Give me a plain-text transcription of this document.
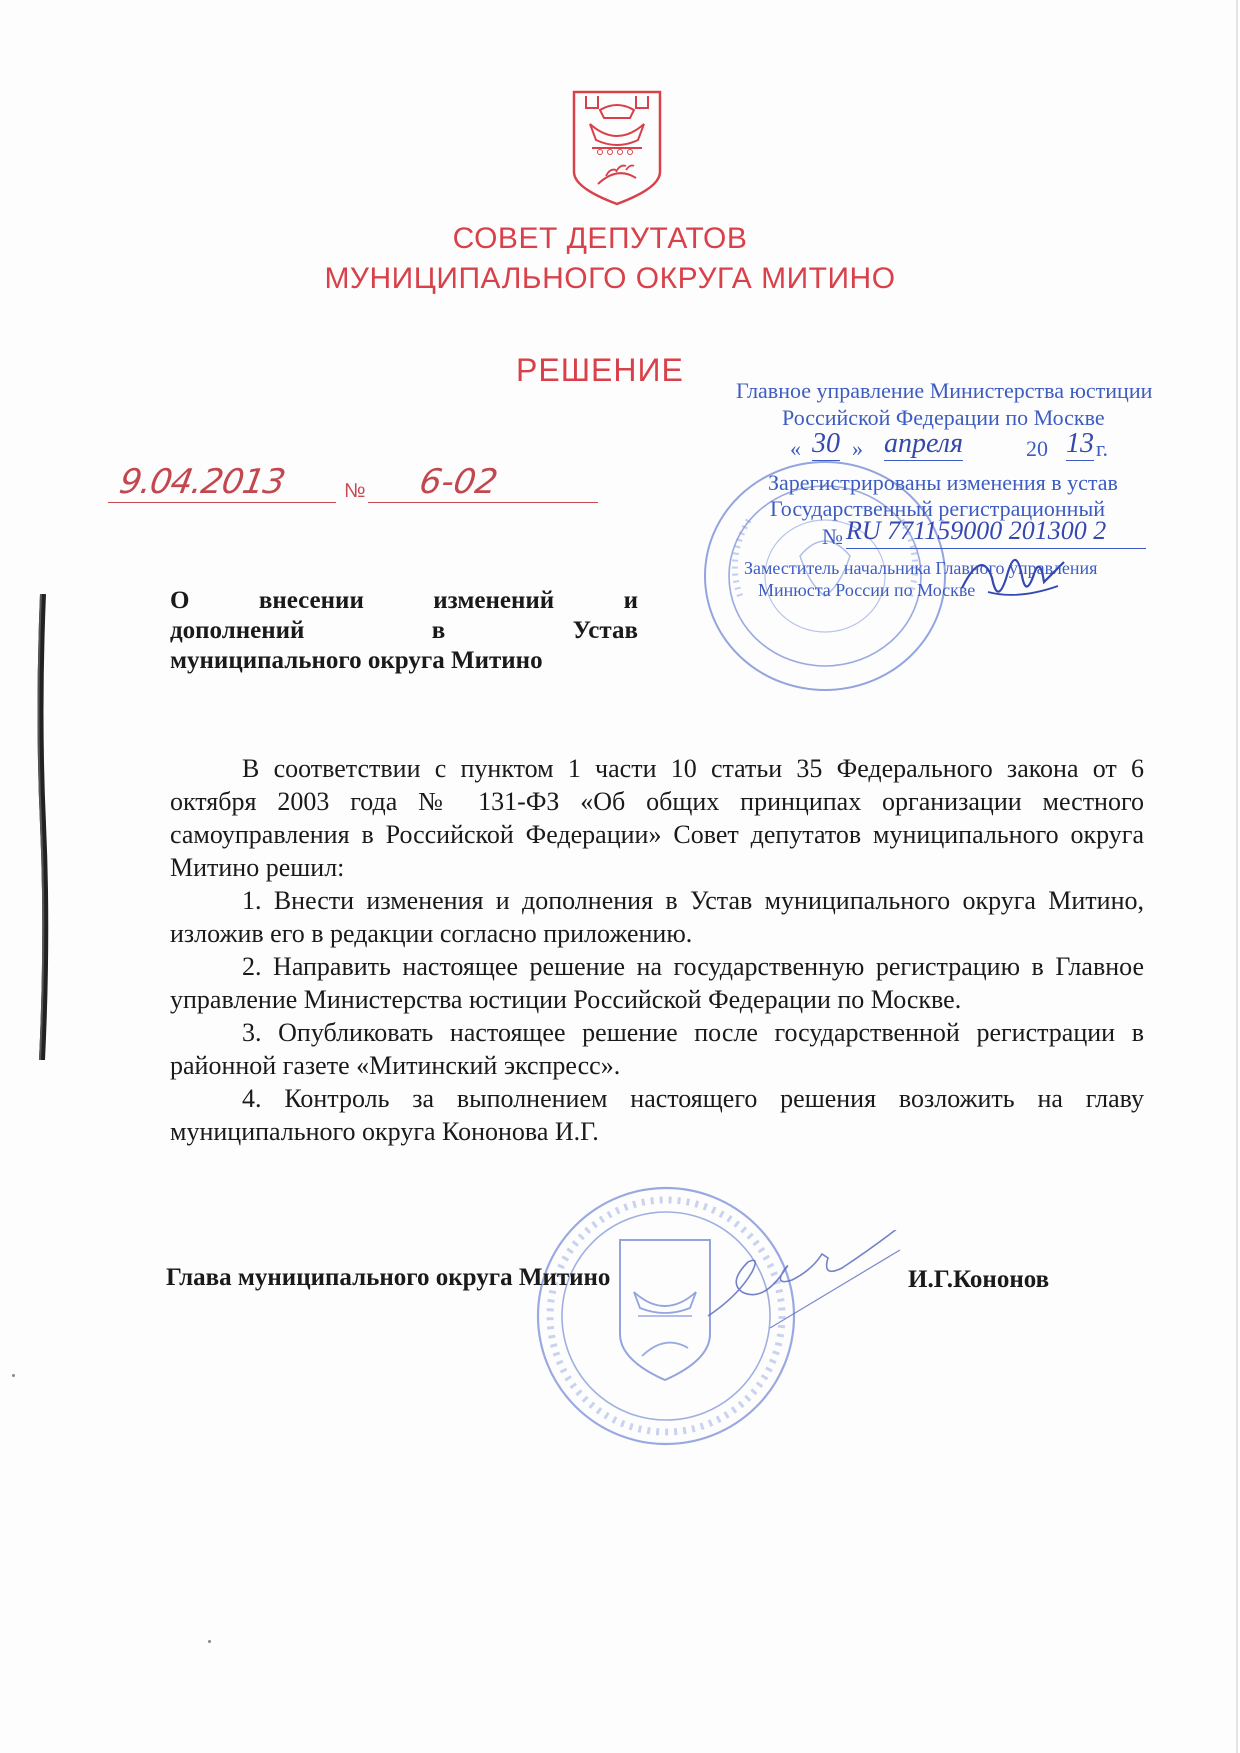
СОВЕТ ДЕПУТАТОВ
МУНИЦИПАЛЬНОГО ОКРУГА МИТИНО
РЕШЕНИЕ
9.04.2013	№ 6-02
Главное управление Министерства юстиции
Российской Федерации по Москве
« 30 » апреля	20 13 г.
Зарегистрированы изменения в устав
Государственный регистрационный
№ RU 771159000 201300 2
Заместитель начальника Главного управления
Минюста России по Москве
О	внесении	изменений	и
дополнений	в	Устав
муниципального округа Митино

В соответствии с пунктом 1 части 10 статьи 35 Федерального закона от 6 октября 2003 года № 131-ФЗ «Об общих принципах организации местного самоуправления в Российской Федерации» Совет депутатов муниципального округа Митино решил:

1. Внести изменения и дополнения в Устав муниципального округа Митино, изложив его в редакции согласно приложению.

2. Направить настоящее решение на государственную регистрацию в Главное управление Министерства юстиции Российской Федерации по Москве.

3. Опубликовать настоящее решение после государственной регистрации в районной газете «Митинский экспресс».

4. Контроль за выполнением настоящего решения возложить на главу муниципального округа Кононова И.Г.

Глава муниципального округа Митино	И.Г.Кононов
